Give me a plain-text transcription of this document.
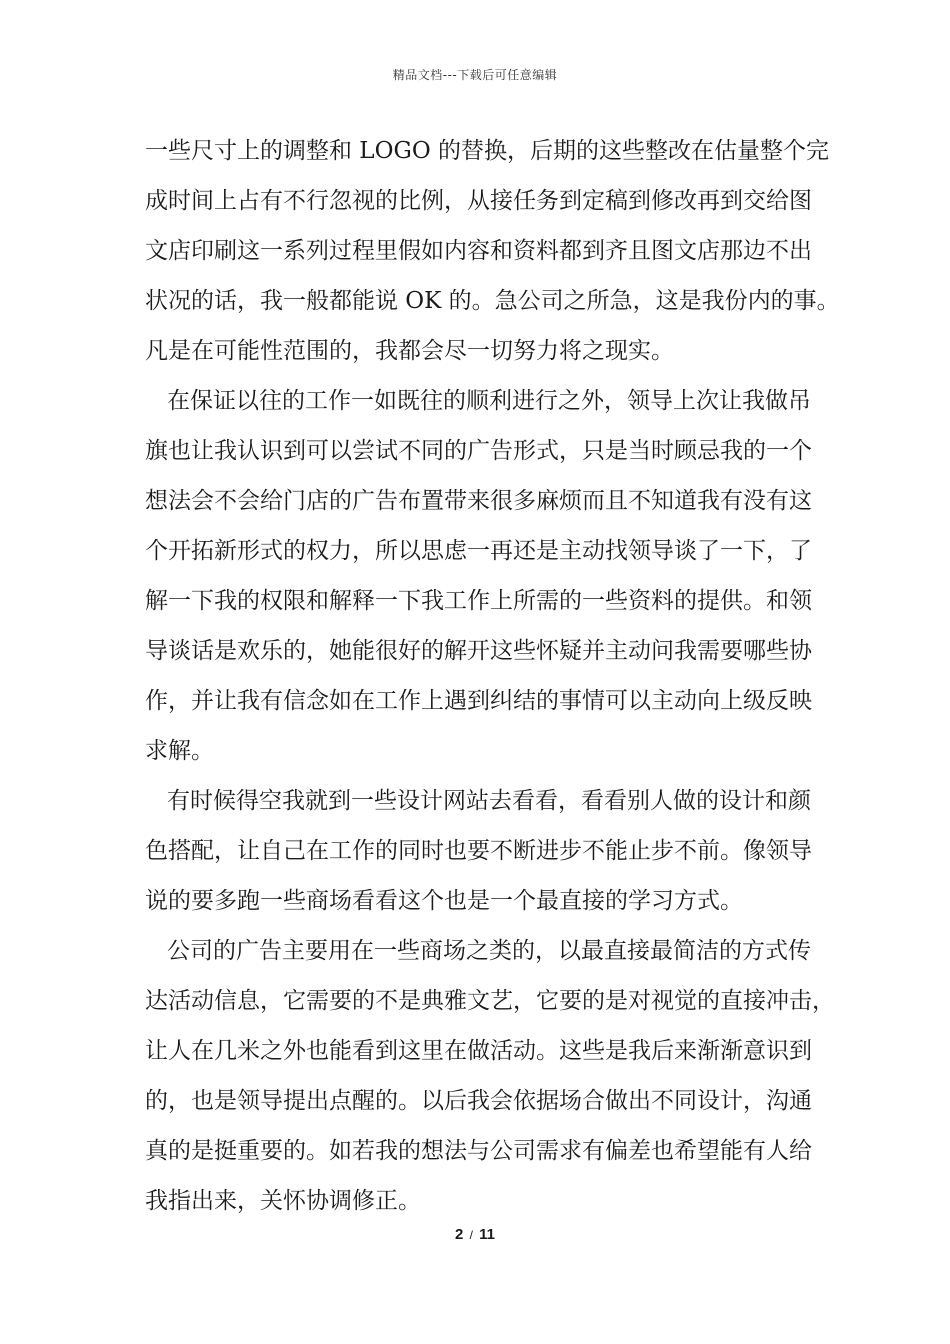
精品文档---下载后可任意编辑
一些尺寸上的调整和 LOGO 的替换，后期的这些整改在估量整个完
成时间上占有不行忽视的比例，从接任务到定稿到修改再到交给图
文店印刷这一系列过程里假如内容和资料都到齐且图文店那边不出
状况的话，我一般都能说 OK 的。急公司之所急，这是我份内的事。
凡是在可能性范围的，我都会尽一切努力将之现实。
在保证以往的工作一如既往的顺利进行之外，领导上次让我做吊
旗也让我认识到可以尝试不同的广告形式，只是当时顾忌我的一个
想法会不会给门店的广告布置带来很多麻烦而且不知道我有没有这
个开拓新形式的权力，所以思虑一再还是主动找领导谈了一下，了
解一下我的权限和解释一下我工作上所需的一些资料的提供。和领
导谈话是欢乐的，她能很好的解开这些怀疑并主动问我需要哪些协
作，并让我有信念如在工作上遇到纠结的事情可以主动向上级反映
求解。
有时候得空我就到一些设计网站去看看，看看别人做的设计和颜
色搭配，让自己在工作的同时也要不断进步不能止步不前。像领导
说的要多跑一些商场看看这个也是一个最直接的学习方式。
公司的广告主要用在一些商场之类的，以最直接最简洁的方式传
达活动信息，它需要的不是典雅文艺，它要的是对视觉的直接冲击，
让人在几米之外也能看到这里在做活动。这些是我后来渐渐意识到
的，也是领导提出点醒的。以后我会依据场合做出不同设计，沟通
真的是挺重要的。如若我的想法与公司需求有偏差也希望能有人给
我指出来，关怀协调修正。
2 / 11
